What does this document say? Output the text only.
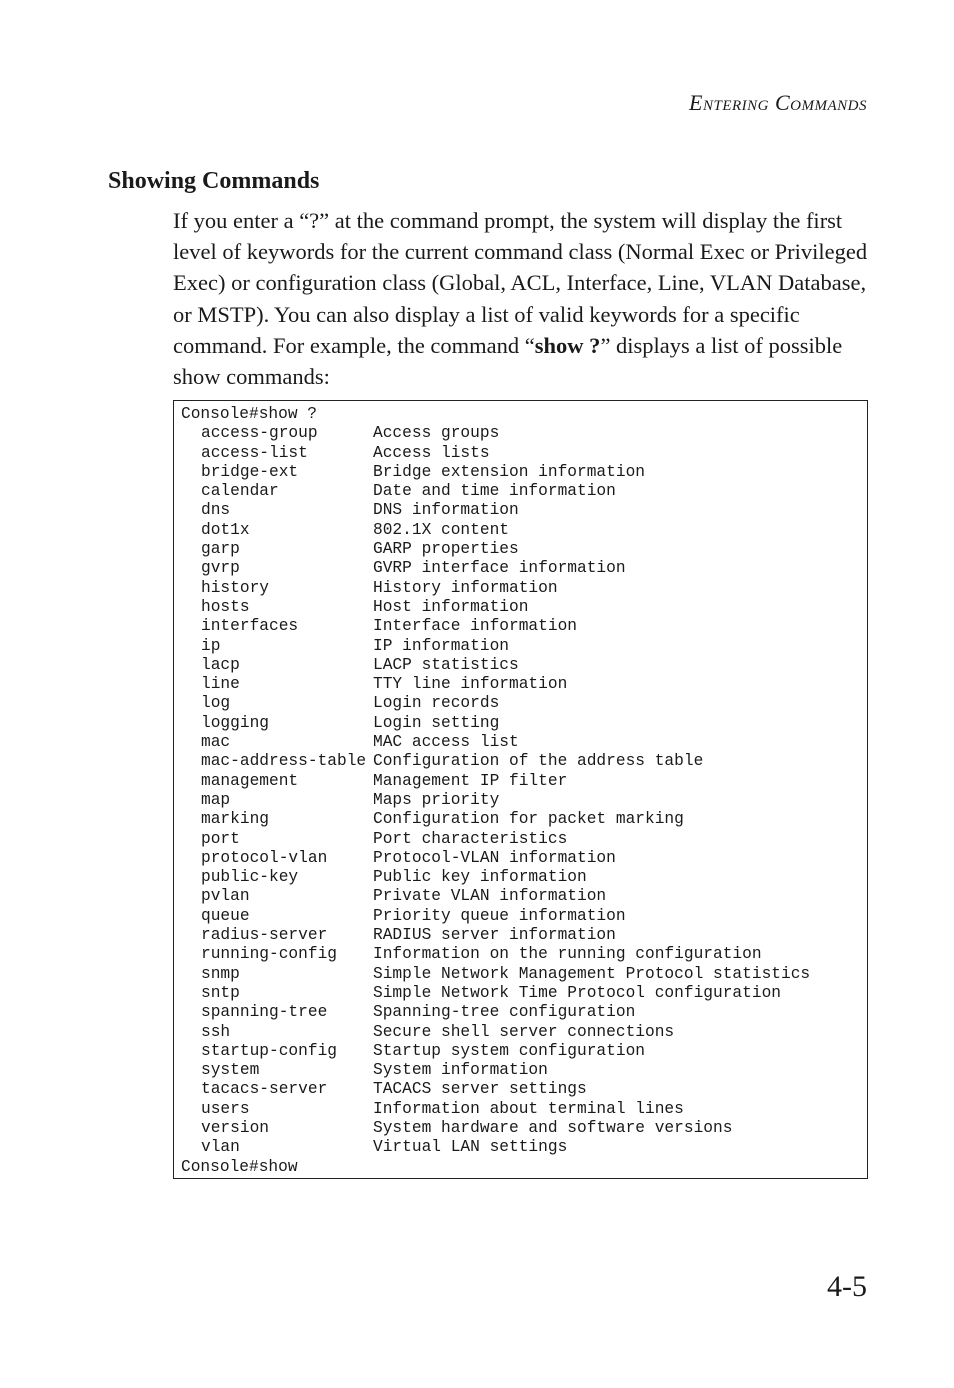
Entering Commands
Showing Commands

If you enter a “?” at the command prompt, the system will display the first level of keywords for the current command class (Normal Exec or Privileged Exec) or configuration class (Global, ACL, Interface, Line, VLAN Database, or MSTP). You can also display a list of valid keywords for a specific command. For example, the command “show ?” displays a list of possible show commands:

Console#show ?
access-group	Access groups
access-list	Access lists
bridge-ext	Bridge extension information
calendar	Date and time information
dns	DNS information
dot1x	802.1X content
garp	GARP properties
gvrp	GVRP interface information
history	History information
hosts	Host information
interfaces	Interface information
ip	IP information
lacp	LACP statistics
line	TTY line information
log	Login records
logging	Login setting
mac	MAC access list
mac-address-table Configuration of the address table
management	Management IP filter
map	Maps priority
marking	Configuration for packet marking
port	Port characteristics
protocol-vlan	Protocol-VLAN information
public-key	Public key information
pvlan	Private VLAN information
queue	Priority queue information
radius-server	RADIUS server information
running-config	Information on the running configuration
snmp	Simple Network Management Protocol statistics
sntp	Simple Network Time Protocol configuration
spanning-tree	Spanning-tree configuration
ssh	Secure shell server connections
startup-config	Startup system configuration
system	System information
tacacs-server	TACACS server settings
users	Information about terminal lines
version	System hardware and software versions
vlan	Virtual LAN settings
Console#show
4-5
